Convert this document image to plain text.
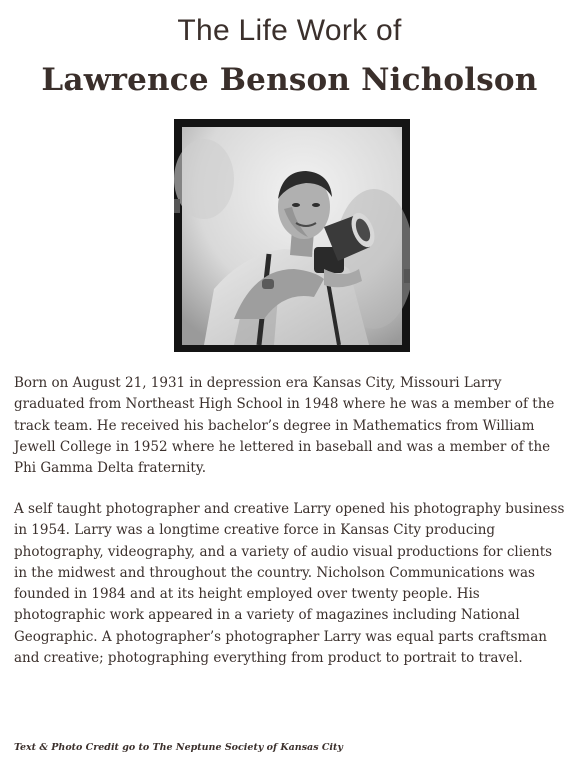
The Life Work of
Lawrence Benson Nicholson

Born on August 21, 1931 in depression era Kansas City, Missouri Larry graduated from Northeast High School in 1948 where he was a member of the track team. He received his bachelor’s degree in Mathematics from William Jewell College in 1952 where he lettered in baseball and was a member of the Phi Gamma Delta fraternity.

A self taught photographer and creative Larry opened his photography business in 1954. Larry was a longtime creative force in Kansas City producing photography, videography, and a variety of audio visual productions for clients in the midwest and throughout the country. Nicholson Communications was founded in 1984 and at its height employed over twenty people. His photographic work appeared in a variety of magazines including National Geographic. A photographer’s photographer Larry was equal parts craftsman and creative; photographing everything from product to portrait to travel.

Text & Photo Credit go to The Neptune Society of Kansas City
